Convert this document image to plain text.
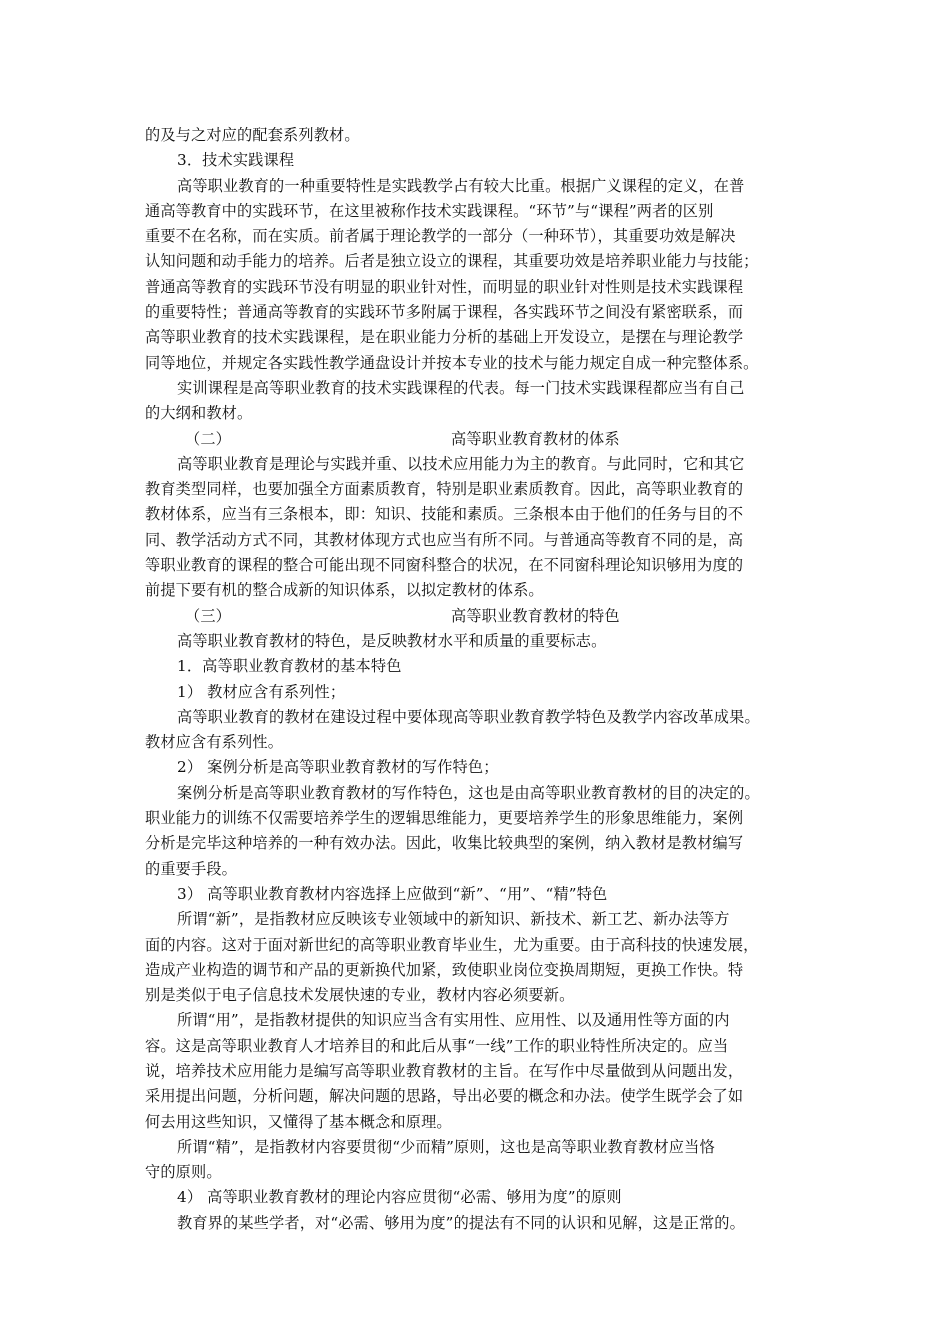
的及与之对应的配套系列教材。
3．技术实践课程
高等职业教育的一种重要特性是实践教学占有较大比重。根据广义课程的定义，在普
通高等教育中的实践环节，在这里被称作技术实践课程。“环节”与“课程”两者的区别
重要不在名称，而在实质。前者属于理论教学的一部分（一种环节），其重要功效是解决
认知问题和动手能力的培养。后者是独立设立的课程，其重要功效是培养职业能力与技能；
普通高等教育的实践环节没有明显的职业针对性，而明显的职业针对性则是技术实践课程
的重要特性；普通高等教育的实践环节多附属于课程，各实践环节之间没有紧密联系，而
高等职业教育的技术实践课程，是在职业能力分析的基础上开发设立，是摆在与理论教学
同等地位，并规定各实践性教学通盘设计并按本专业的技术与能力规定自成一种完整体系。
实训课程是高等职业教育的技术实践课程的代表。每一门技术实践课程都应当有自己
的大纲和教材。
（二）	高等职业教育教材的体系
高等职业教育是理论与实践并重、以技术应用能力为主的教育。与此同时，它和其它
教育类型同样，也要加强全方面素质教育，特别是职业素质教育。因此，高等职业教育的
教材体系，应当有三条根本，即：知识、技能和素质。三条根本由于他们的任务与目的不
同、教学活动方式不同，其教材体现方式也应当有所不同。与普通高等教育不同的是，高
等职业教育的课程的整合可能出现不同窗科整合的状况，在不同窗科理论知识够用为度的
前提下要有机的整合成新的知识体系，以拟定教材的体系。
（三）	高等职业教育教材的特色
高等职业教育教材的特色，是反映教材水平和质量的重要标志。
1．高等职业教育教材的基本特色
1） 教材应含有系列性；
高等职业教育的教材在建设过程中要体现高等职业教育教学特色及教学内容改革成果。
教材应含有系列性。
2） 案例分析是高等职业教育教材的写作特色；
案例分析是高等职业教育教材的写作特色，这也是由高等职业教育教材的目的决定的。
职业能力的训练不仅需要培养学生的逻辑思维能力，更要培养学生的形象思维能力，案例
分析是完毕这种培养的一种有效办法。因此，收集比较典型的案例，纳入教材是教材编写
的重要手段。
3） 高等职业教育教材内容选择上应做到“新”、“用”、“精”特色
所谓“新”，是指教材应反映该专业领域中的新知识、新技术、新工艺、新办法等方
面的内容。这对于面对新世纪的高等职业教育毕业生，尤为重要。由于高科技的快速发展，
造成产业构造的调节和产品的更新换代加紧，致使职业岗位变换周期短，更换工作快。特
别是类似于电子信息技术发展快速的专业，教材内容必须要新。
所谓“用”，是指教材提供的知识应当含有实用性、应用性、以及通用性等方面的内
容。这是高等职业教育人才培养目的和此后从事“一线”工作的职业特性所决定的。应当
说，培养技术应用能力是编写高等职业教育教材的主旨。在写作中尽量做到从问题出发，
采用提出问题，分析问题，解决问题的思路，导出必要的概念和办法。使学生既学会了如
何去用这些知识，又懂得了基本概念和原理。
所谓“精”，是指教材内容要贯彻“少而精”原则，这也是高等职业教育教材应当恪
守的原则。
4） 高等职业教育教材的理论内容应贯彻“必需、够用为度”的原则
教育界的某些学者，对“必需、够用为度”的提法有不同的认识和见解，这是正常的。
